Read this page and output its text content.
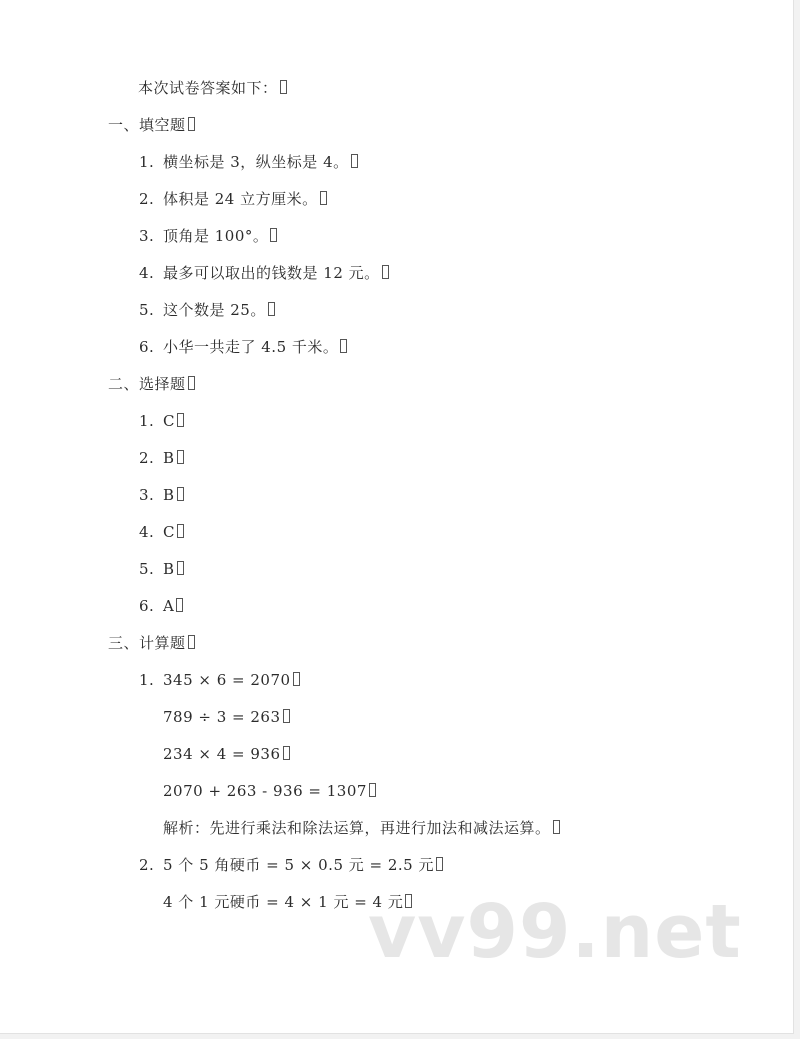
本次试卷答案如下：
一、填空题
1. 横坐标是 3，纵坐标是 4。
2. 体积是 24 立方厘米。
3. 顶角是 100°。
4. 最多可以取出的钱数是 12 元。
5. 这个数是 25。
6. 小华一共走了 4.5 千米。
二、选择题
1. C
2. B
3. B
4. C
5. B
6. A
三、计算题
1. 345 × 6 = 2070
789 ÷ 3 = 263
234 × 4 = 936
2070 + 263 - 936 = 1307
解析：先进行乘法和除法运算，再进行加法和减法运算。
2. 5 个 5 角硬币 = 5 × 0.5 元 = 2.5 元
4 个 1 元硬币 = 4 × 1 元 = 4 元
vv99.net
